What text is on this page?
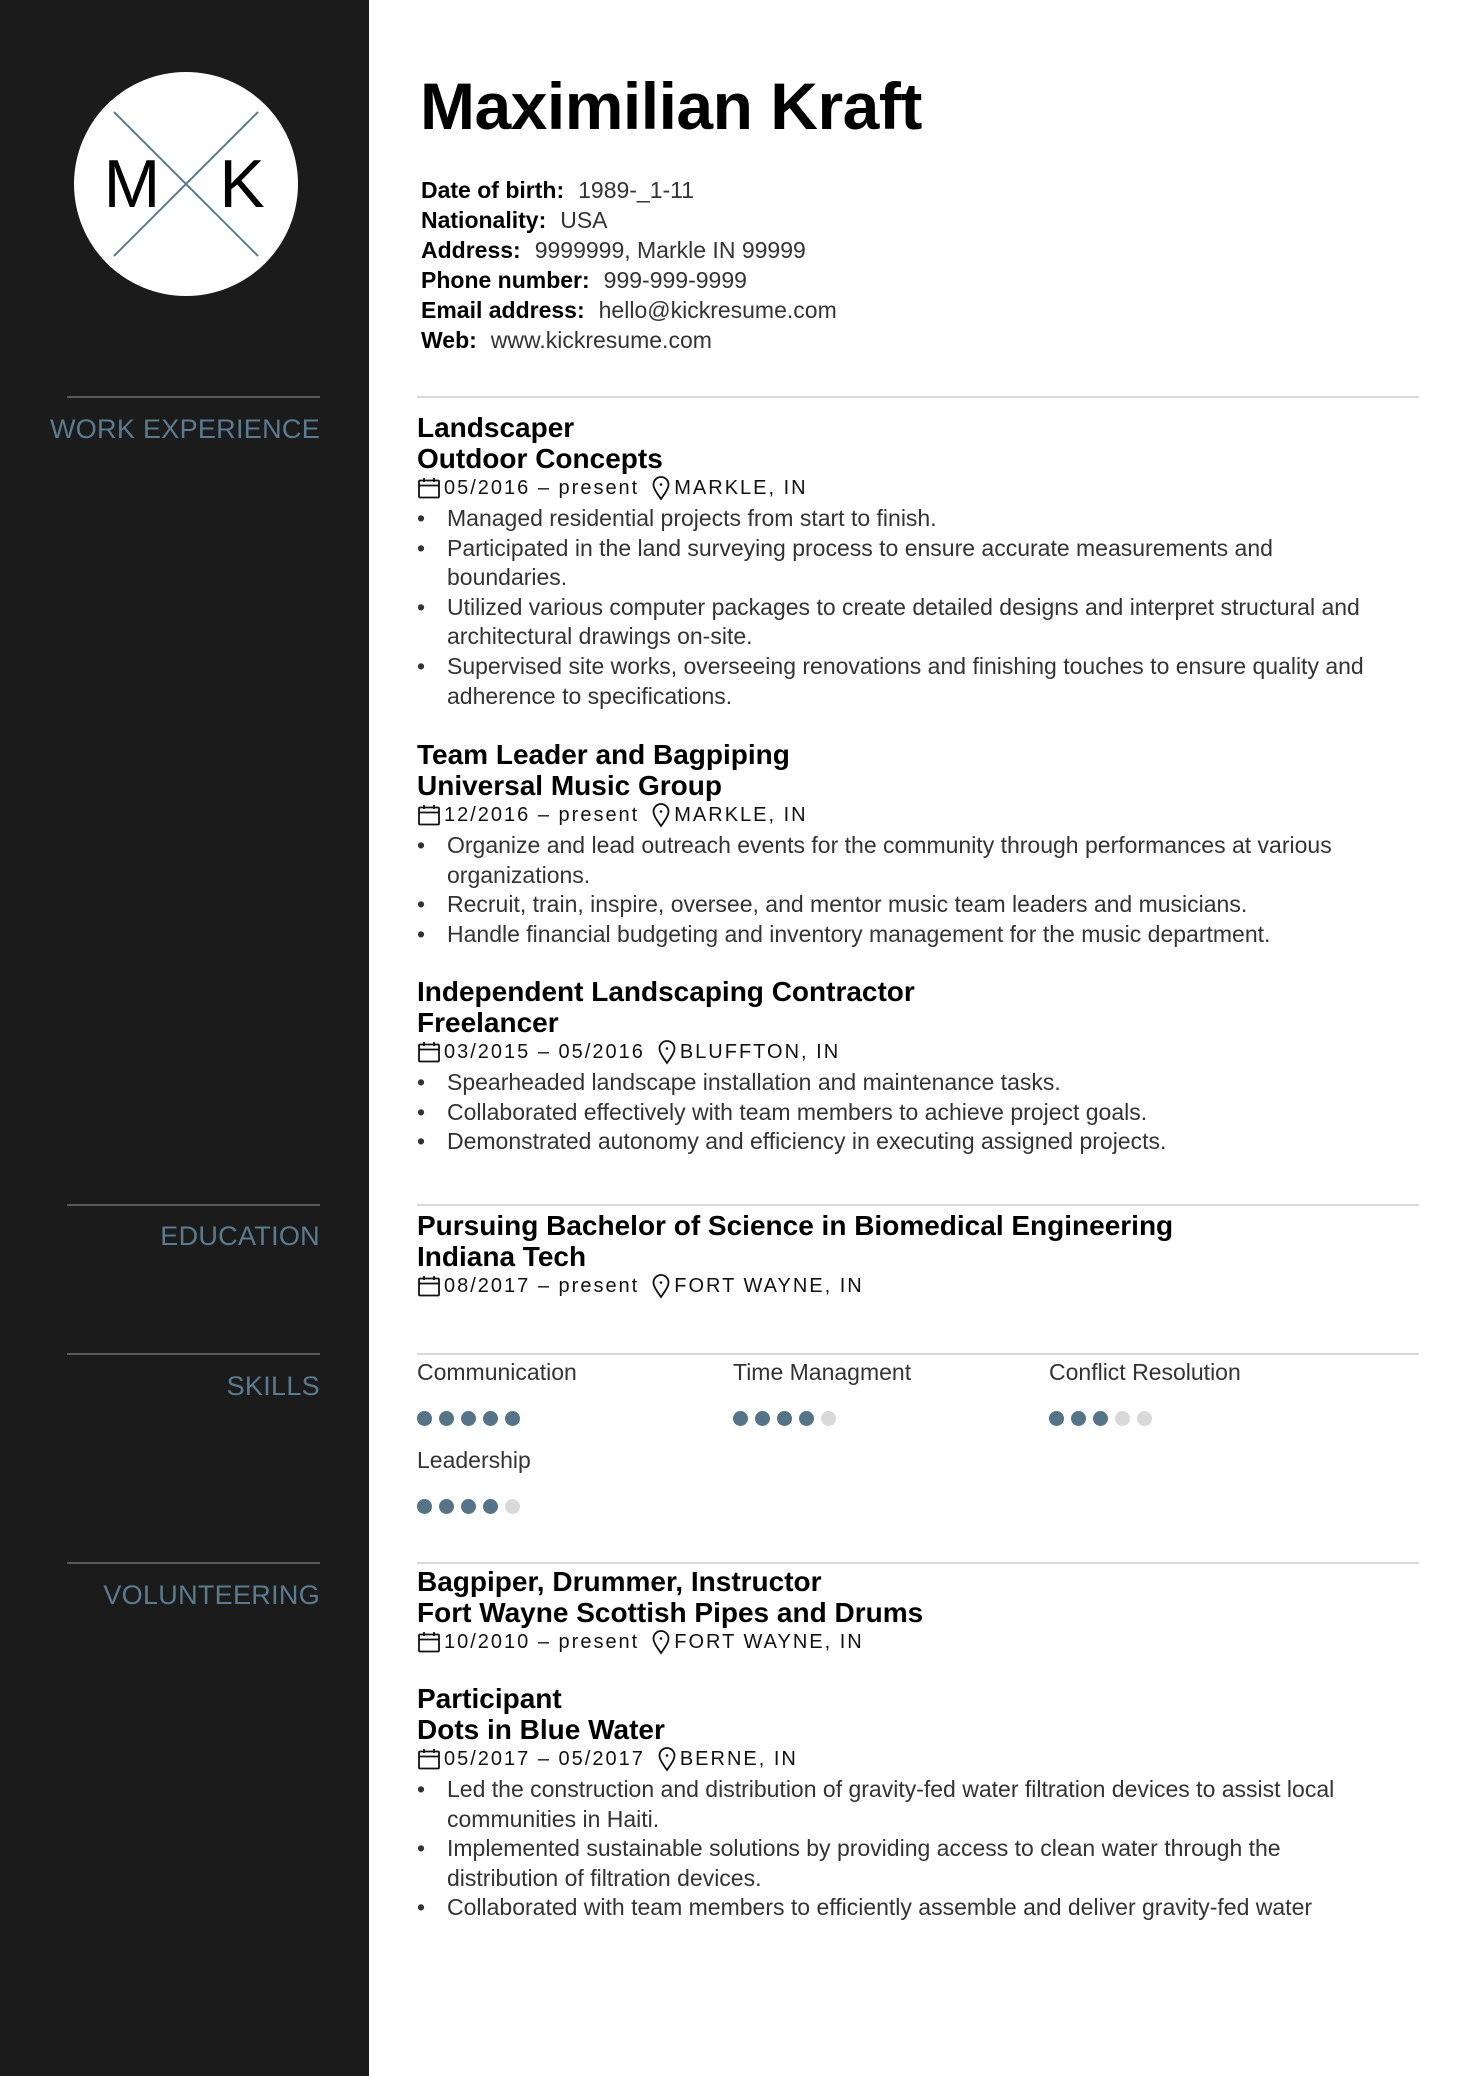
M K
WORK EXPERIENCE
EDUCATION
SKILLS
VOLUNTEERING
Maximilian Kraft
Date of birth: 1989-_1-11
Nationality: USA
Address: 9999999, Markle IN 99999
Phone number: 999-999-9999
Email address: hello@kickresume.com
Web: www.kickresume.com
Landscaper
Outdoor Concepts
05/2016 – present MARKLE, IN
• Managed residential projects from start to finish.
• Participated in the land surveying process to ensure accurate measurements and boundaries.
• Utilized various computer packages to create detailed designs and interpret structural and architectural drawings on-site.
• Supervised site works, overseeing renovations and finishing touches to ensure quality and adherence to specifications.
Team Leader and Bagpiping
Universal Music Group
12/2016 – present MARKLE, IN
• Organize and lead outreach events for the community through performances at various organizations.
• Recruit, train, inspire, oversee, and mentor music team leaders and musicians.
• Handle financial budgeting and inventory management for the music department.
Independent Landscaping Contractor
Freelancer
03/2015 – 05/2016 BLUFFTON, IN
• Spearheaded landscape installation and maintenance tasks.
• Collaborated effectively with team members to achieve project goals.
• Demonstrated autonomy and efficiency in executing assigned projects.
Pursuing Bachelor of Science in Biomedical Engineering
Indiana Tech
08/2017 – present FORT WAYNE, IN
Communication	Time Managment	Conflict Resolution
Leadership
Bagpiper, Drummer, Instructor
Fort Wayne Scottish Pipes and Drums
10/2010 – present FORT WAYNE, IN
Participant
Dots in Blue Water
05/2017 – 05/2017 BERNE, IN
• Led the construction and distribution of gravity-fed water filtration devices to assist local communities in Haiti.
• Implemented sustainable solutions by providing access to clean water through the distribution of filtration devices.
• Collaborated with team members to efficiently assemble and deliver gravity-fed water
